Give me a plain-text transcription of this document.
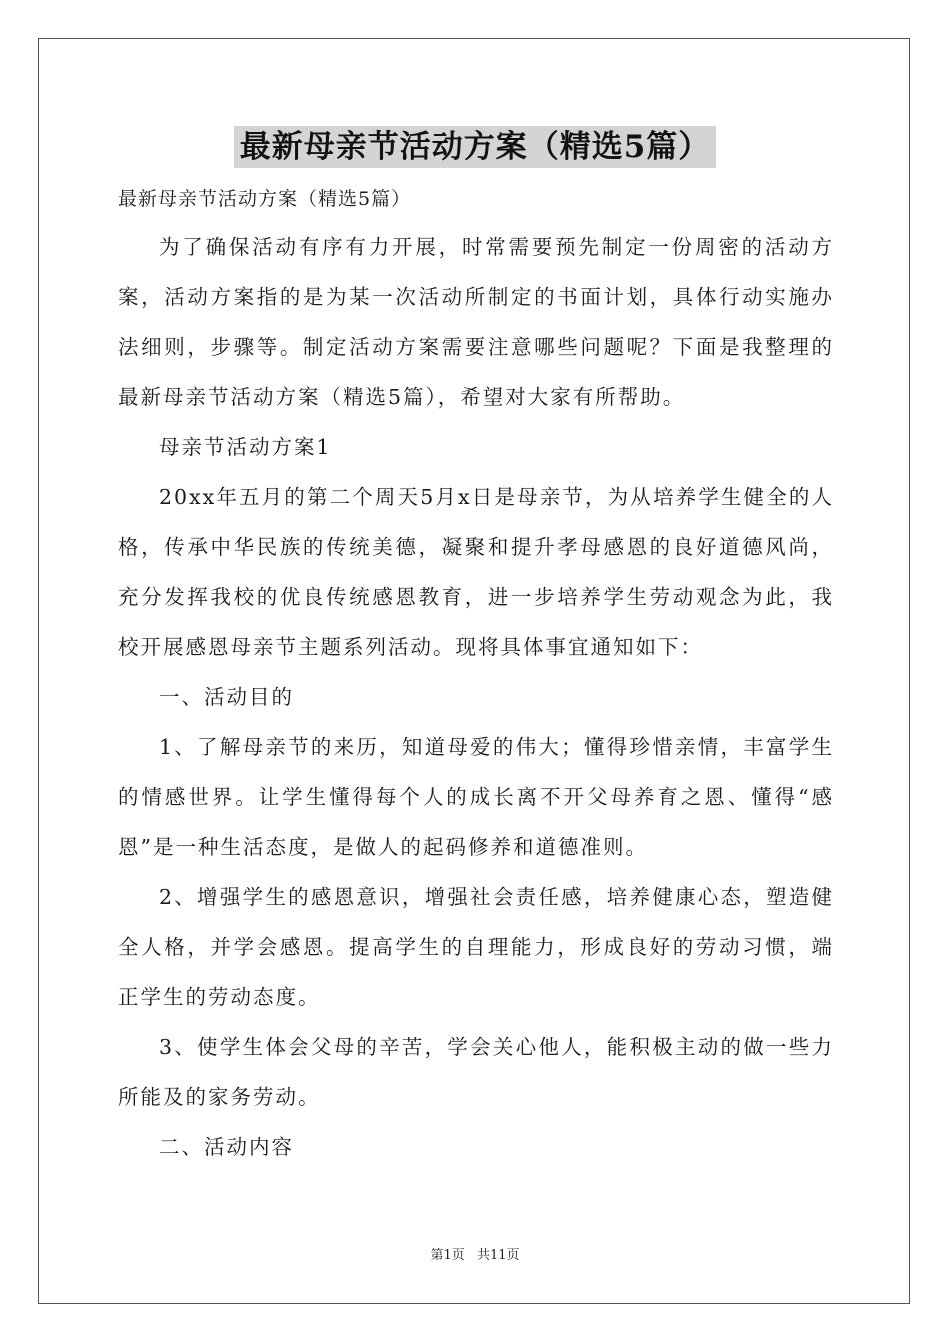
最新母亲节活动方案（精选5篇）

最新母亲节活动方案（精选5篇）

为了确保活动有序有力开展，时常需要预先制定一份周密的活动方案，活动方案指的是为某一次活动所制定的书面计划，具体行动实施办法细则，步骤等。制定活动方案需要注意哪些问题呢？下面是我整理的最新母亲节活动方案（精选5篇），希望对大家有所帮助。

母亲节活动方案1

20xx年五月的第二个周天5月x日是母亲节，为从培养学生健全的人格，传承中华民族的传统美德，凝聚和提升孝母感恩的良好道德风尚，充分发挥我校的优良传统感恩教育，进一步培养学生劳动观念为此，我校开展感恩母亲节主题系列活动。现将具体事宜通知如下：

一、活动目的

1、了解母亲节的来历，知道母爱的伟大；懂得珍惜亲情，丰富学生的情感世界。让学生懂得每个人的成长离不开父母养育之恩、懂得“感恩”是一种生活态度，是做人的起码修养和道德准则。

2、增强学生的感恩意识，增强社会责任感，培养健康心态，塑造健全人格，并学会感恩。提高学生的自理能力，形成良好的劳动习惯，端正学生的劳动态度。

3、使学生体会父母的辛苦，学会关心他人，能积极主动的做一些力所能及的家务劳动。

二、活动内容

第1页 共11页
